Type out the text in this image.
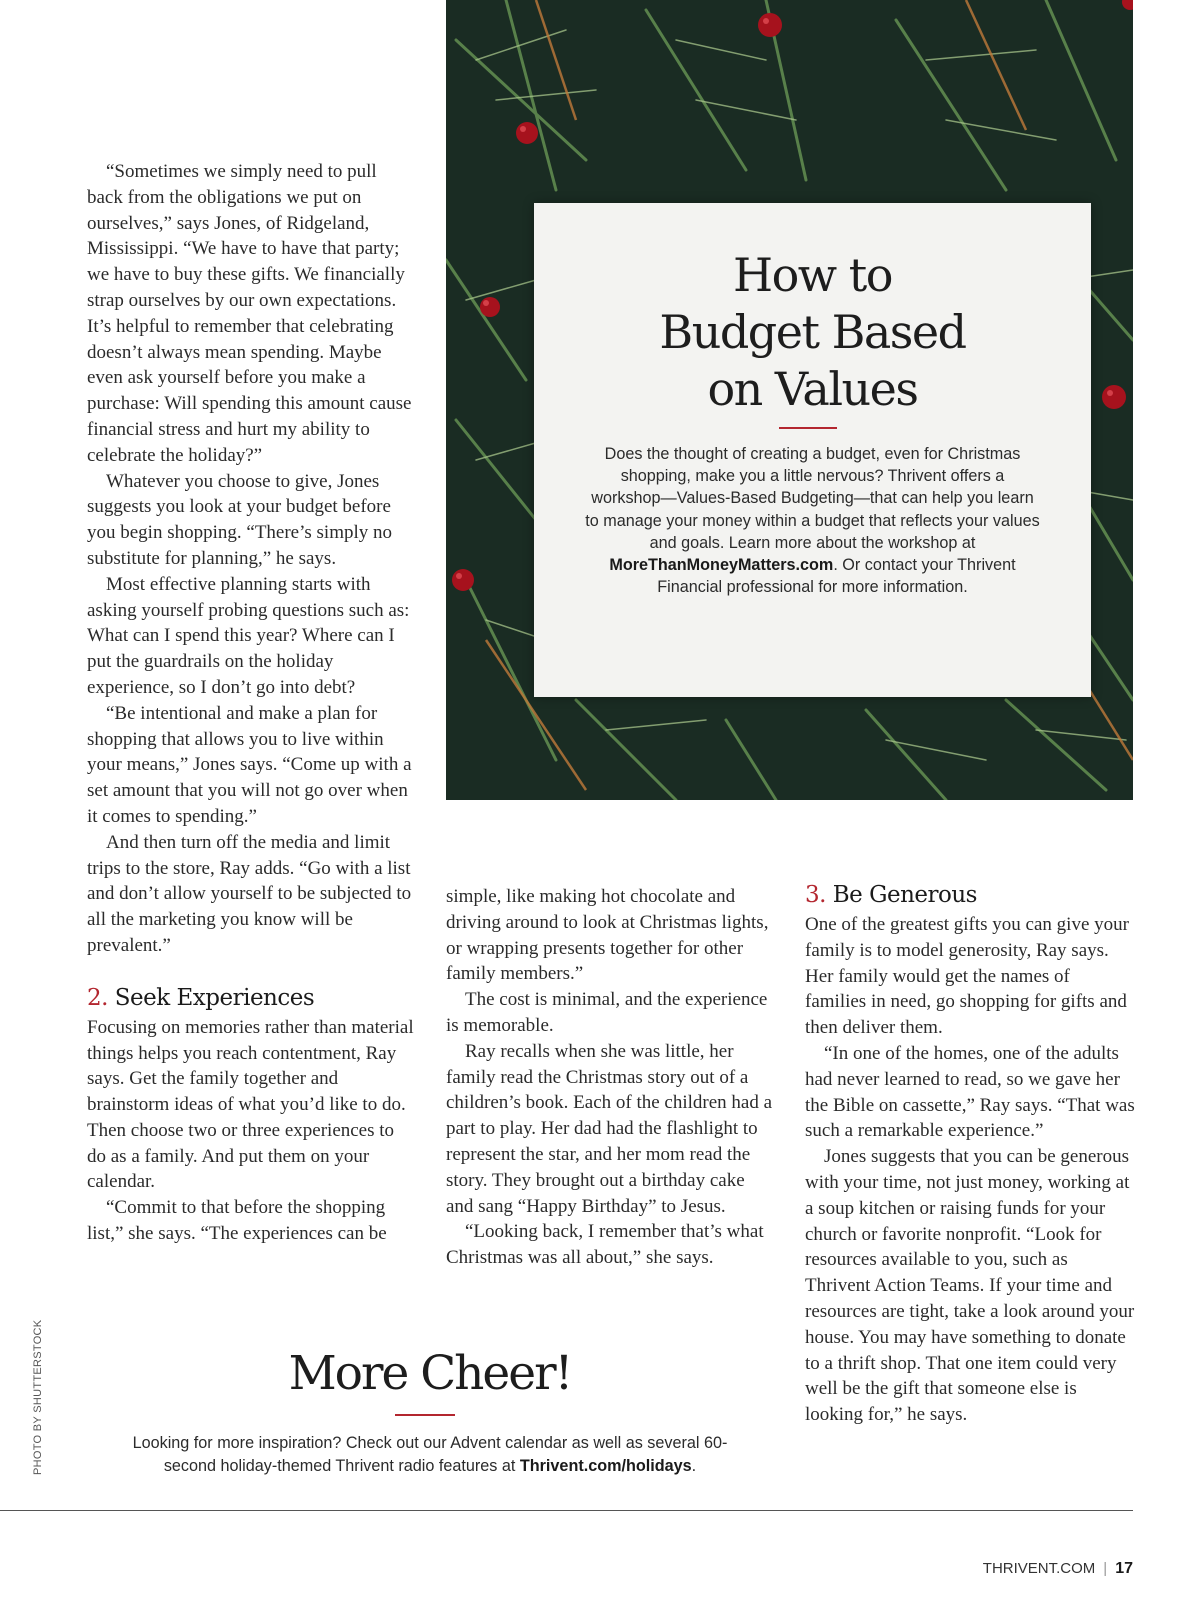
“Sometimes we simply need to pull back from the obligations we put on ourselves,” says Jones, of Ridgeland, Mississippi. “We have to have that party; we have to buy these gifts. We financially strap ourselves by our own expectations. It’s helpful to remember that celebrating doesn’t always mean spending. Maybe even ask yourself before you make a purchase: Will spending this amount cause financial stress and hurt my ability to celebrate the holiday?”

Whatever you choose to give, Jones suggests you look at your budget before you begin shopping. “There’s simply no substitute for planning,” he says.

Most effective planning starts with asking yourself probing questions such as: What can I spend this year? Where can I put the guardrails on the holiday experience, so I don’t go into debt?

“Be intentional and make a plan for shopping that allows you to live within your means,” Jones says. “Come up with a set amount that you will not go over when it comes to spending.”

And then turn off the media and limit trips to the store, Ray adds. “Go with a list and don’t allow yourself to be subjected to all the marketing you know will be prevalent.”

2. Seek Experiences

Focusing on memories rather than material things helps you reach contentment, Ray says. Get the family together and brainstorm ideas of what you’d like to do. Then choose two or three experiences to do as a family. And put them on your calendar.

“Commit to that before the shopping list,” she says. “The experiences can be

How to
Budget Based
on Values
Does the thought of creating a budget, even for Christmas shopping, make you a little nervous? Thrivent offers a workshop—Values-Based Budgeting—that can help you learn to manage your money within a budget that reflects your values and goals. Learn more about the workshop at MoreThanMoneyMatters.com. Or contact your Thrivent Financial professional for more information.

simple, like making hot chocolate and driving around to look at Christmas lights, or wrapping presents together for other family members.”

The cost is minimal, and the experience is memorable.

Ray recalls when she was little, her family read the Christmas story out of a children’s book. Each of the children had a part to play. Her dad had the flashlight to represent the star, and her mom read the story. They brought out a birthday cake and sang “Happy Birthday” to Jesus.

“Looking back, I remember that’s what Christmas was all about,” she says.

3. Be Generous

One of the greatest gifts you can give your family is to model generosity, Ray says. Her family would get the names of families in need, go shopping for gifts and then deliver them.

“In one of the homes, one of the adults had never learned to read, so we gave her the Bible on cassette,” Ray says. “That was such a remarkable experience.”

Jones suggests that you can be generous with your time, not just money, working at a soup kitchen or raising funds for your church or favorite nonprofit. “Look for resources available to you, such as Thrivent Action Teams. If your time and resources are tight, take a look around your house. You may have something to donate to a thrift shop. That one item could very well be the gift that someone else is looking for,” he says.

More Cheer!
Looking for more inspiration? Check out our Advent calendar as well as several 60-second holiday-themed Thrivent radio features at Thrivent.com/holidays.
PHOTO BY SHUTTERSTOCK
THRIVENT.COM | 17
